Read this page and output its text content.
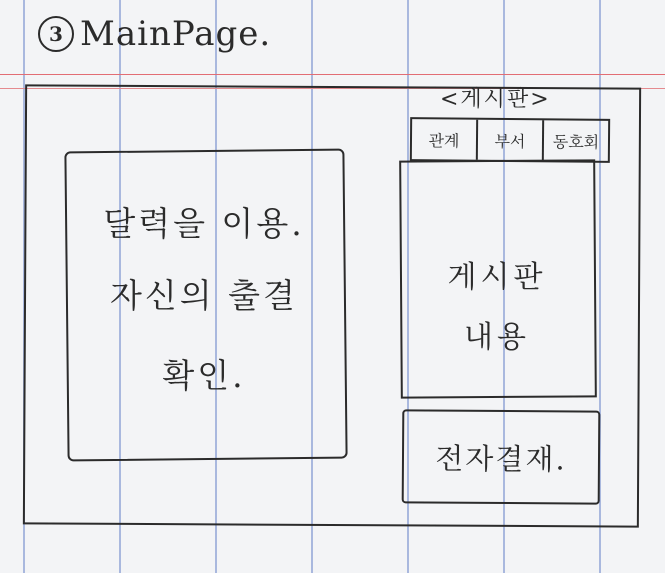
3 MainPage.
달력을 이용.
자신의 출결
확인.
<게시판>
관계	부서	동호회
게시판
내용
전자결재.
